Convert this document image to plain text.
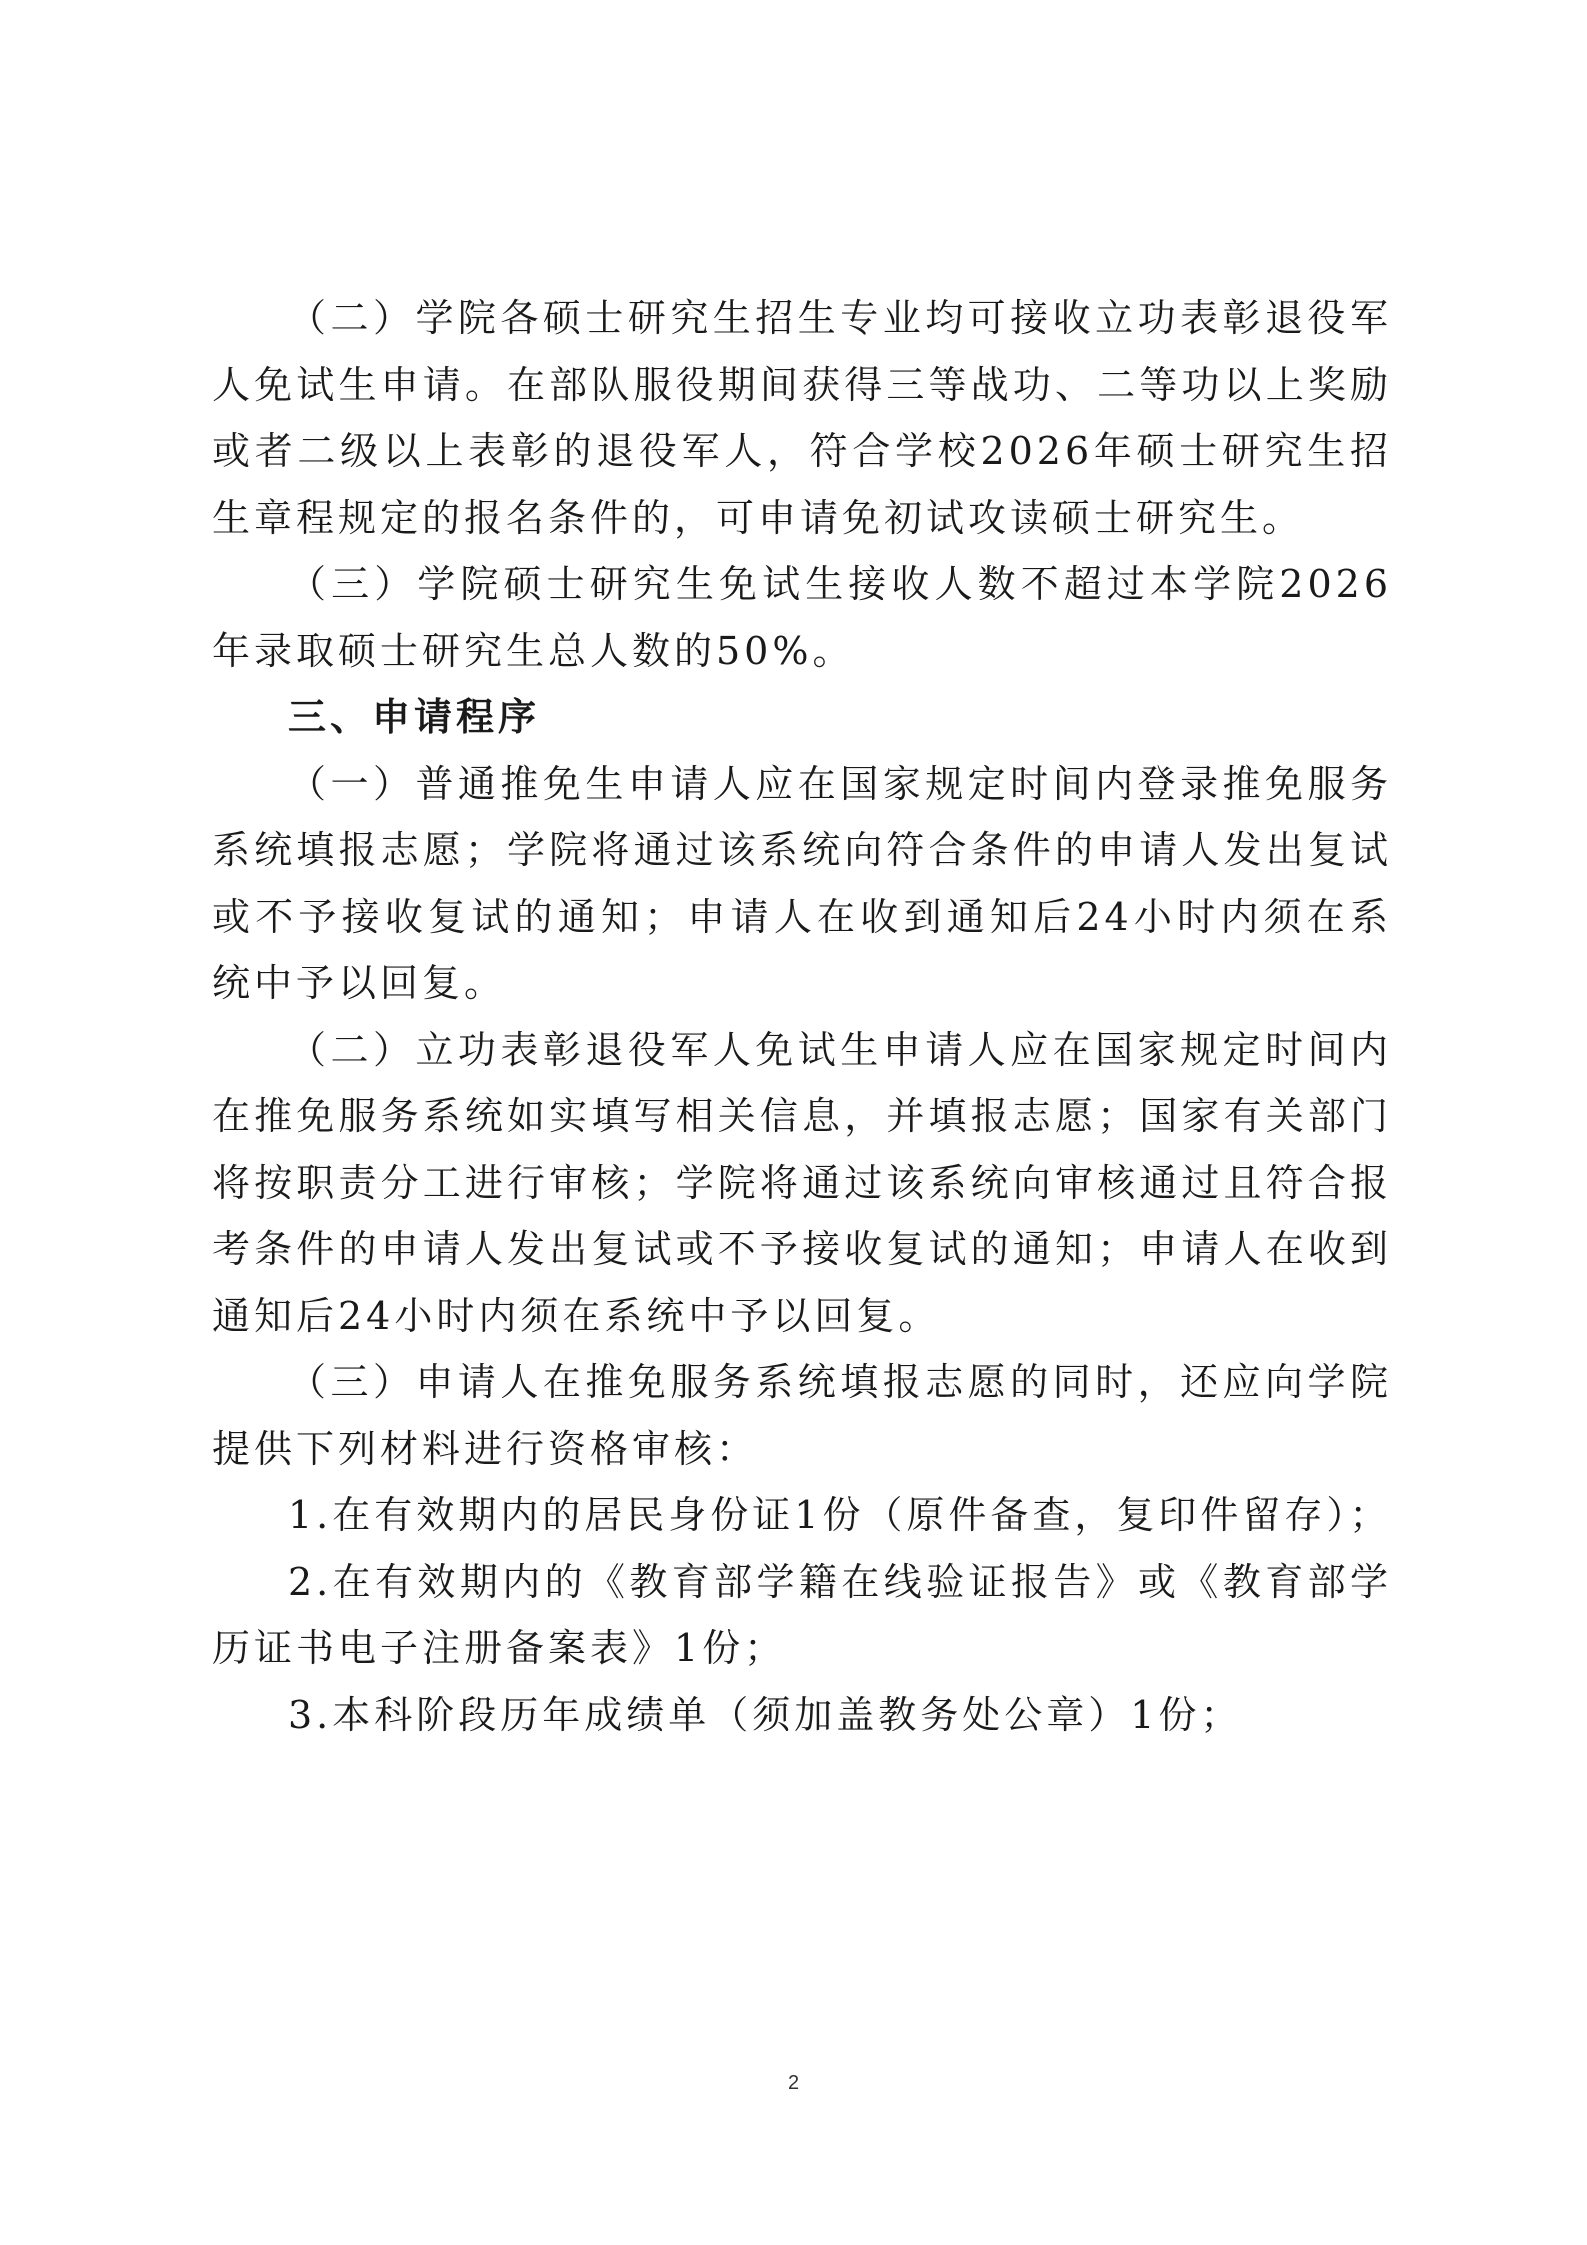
（二）学院各硕士研究生招生专业均可接收立功表彰退役军人免试生申请。在部队服役期间获得三等战功、二等功以上奖励或者二级以上表彰的退役军人，符合学校2026年硕士研究生招生章程规定的报名条件的，可申请免初试攻读硕士研究生。

（三）学院硕士研究生免试生接收人数不超过本学院2026年录取硕士研究生总人数的50%。

三、申请程序

（一）普通推免生申请人应在国家规定时间内登录推免服务系统填报志愿；学院将通过该系统向符合条件的申请人发出复试或不予接收复试的通知；申请人在收到通知后24小时内须在系统中予以回复。

（二）立功表彰退役军人免试生申请人应在国家规定时间内在推免服务系统如实填写相关信息，并填报志愿；国家有关部门将按职责分工进行审核；学院将通过该系统向审核通过且符合报考条件的申请人发出复试或不予接收复试的通知；申请人在收到通知后24小时内须在系统中予以回复。

（三）申请人在推免服务系统填报志愿的同时，还应向学院提供下列材料进行资格审核：

1.在有效期内的居民身份证1份（原件备查，复印件留存）；

2.在有效期内的《教育部学籍在线验证报告》或《教育部学历证书电子注册备案表》1份；

3.本科阶段历年成绩单（须加盖教务处公章）1份；

2
